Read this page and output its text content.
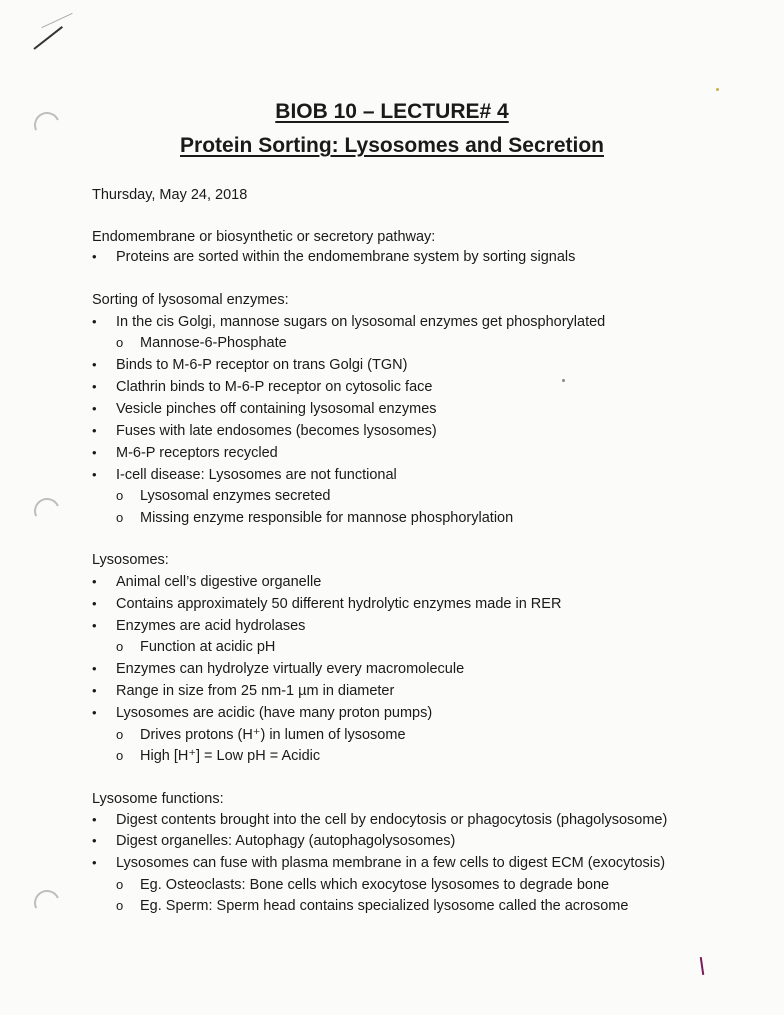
BIOB 10 – LECTURE# 4
Protein Sorting: Lysosomes and Secretion
Thursday, May 24, 2018
Endomembrane or biosynthetic or secretory pathway:
• Proteins are sorted within the endomembrane system by sorting signals
Sorting of lysosomal enzymes:
• In the cis Golgi, mannose sugars on lysosomal enzymes get phosphorylated
o Mannose-6-Phosphate
• Binds to M-6-P receptor on trans Golgi (TGN)
• Clathrin binds to M-6-P receptor on cytosolic face
• Vesicle pinches off containing lysosomal enzymes
• Fuses with late endosomes (becomes lysosomes)
• M-6-P receptors recycled
• I-cell disease: Lysosomes are not functional
o Lysosomal enzymes secreted
o Missing enzyme responsible for mannose phosphorylation
Lysosomes:
• Animal cell’s digestive organelle
• Contains approximately 50 different hydrolytic enzymes made in RER
• Enzymes are acid hydrolases
o Function at acidic pH
• Enzymes can hydrolyze virtually every macromolecule
• Range in size from 25 nm-1 µm in diameter
• Lysosomes are acidic (have many proton pumps)
o Drives protons (H⁺) in lumen of lysosome
o High [H⁺] = Low pH = Acidic
Lysosome functions:
• Digest contents brought into the cell by endocytosis or phagocytosis (phagolysosome)
• Digest organelles: Autophagy (autophagolysosomes)
• Lysosomes can fuse with plasma membrane in a few cells to digest ECM (exocytosis)
o Eg. Osteoclasts: Bone cells which exocytose lysosomes to degrade bone
o Eg. Sperm: Sperm head contains specialized lysosome called the acrosome
